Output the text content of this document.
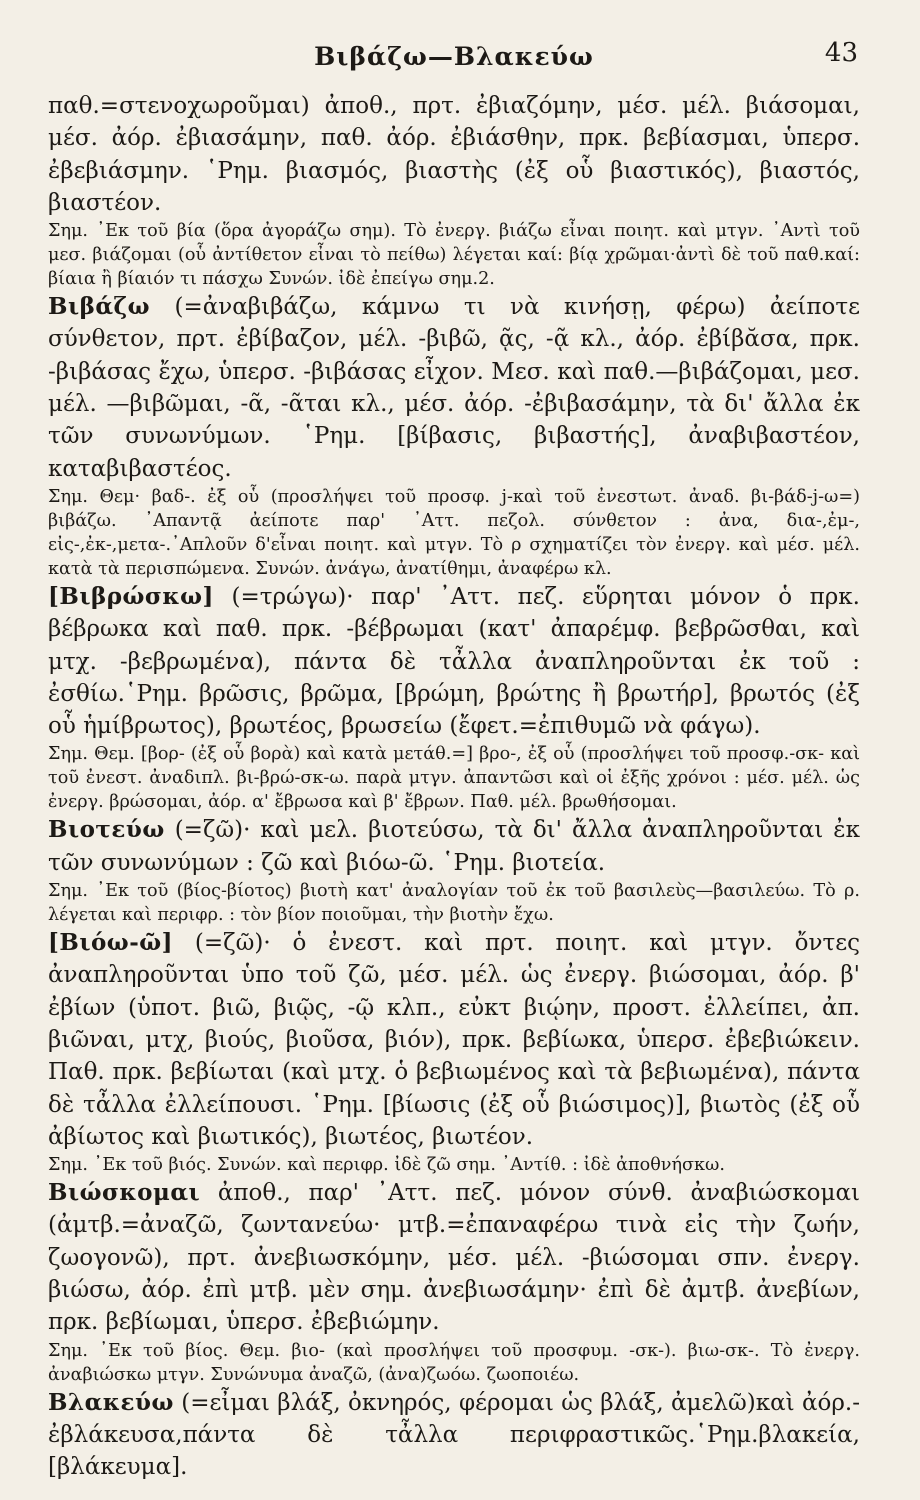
Βιβάζω—Βλακεύω	43

παθ.=στενοχωροῦμαι) ἀποθ., πρτ. ἐβιαζόμην, μέσ. μέλ. βιάσομαι, μέσ. ἀόρ. ἐβιασάμην, παθ. ἀόρ. ἐβιάσθην, πρκ. βεβίασμαι, ὑπερσ. ἐβεβιάσμην. ῾Ρημ. βιασμός, βιαστὴς (ἐξ οὗ βιαστικός), βιαστός, βιαστέον.

Σημ. ᾿Εκ τοῦ βία (ὅρα ἀγοράζω σημ). Τὸ ἐνεργ. βιάζω εἶναι ποιητ. καὶ μτγν. ᾿Αντὶ τοῦ μεσ. βιάζομαι (οὗ ἀντίθετον εἶναι τὸ πείθω) λέγεται καί: βίᾳ χρῶμαι·ἀντὶ δὲ τοῦ παθ.καί: βίαια ἢ βίαιόν τι πάσχω Συνών. ἰδὲ ἐπείγω σημ.2.

Βιβάζω (=ἀναβιβάζω, κάμνω τι νὰ κινήσῃ, φέρω) ἀείποτε σύνθετον, πρτ. ἐβίβαζον, μέλ. -βιβῶ, ᾷς, -ᾷ κλ., ἀόρ. ἐβίβᾰσα, πρκ. -βιβάσας ἔχω, ὑπερσ. -βιβάσας εἶχον. Μεσ. καὶ παθ.—βιβάζομαι, μεσ. μέλ. —βιβῶμαι, -ᾶ, -ᾶται κλ., μέσ. ἀόρ. -ἐβιβασάμην, τὰ δι' ἄλλα ἐκ τῶν συνωνύμων. ῾Ρημ. [βίβασις, βιβαστής], ἀναβιβαστέον, καταβιβαστέος.

Σημ. Θεμ· βαδ-. ἐξ οὗ (προσλήψει τοῦ προσφ. j-καὶ τοῦ ἐνεστωτ. ἀναδ. βι-βάδ-j-ω=) βιβάζω. ᾿Απαντᾷ ἀείποτε παρ' ᾿Αττ. πεζολ. σύνθετον : ἀνα, δια-,ἐμ-, εἰς-,ἐκ-,μετα-.᾿Απλοῦν δ'εἶναι ποιητ. καὶ μτγν. Τὸ ρ σχηματίζει τὸν ἐνεργ. καὶ μέσ. μέλ. κατὰ τὰ περισπώμενα. Συνών. ἀνάγω, ἀνατίθημι, ἀναφέρω κλ.

[Βιβρώσκω] (=τρώγω)· παρ' ᾿Αττ. πεζ. εὕρηται μόνον ὁ πρκ. βέβρωκα καὶ παθ. πρκ. -βέβρωμαι (κατ' ἀπαρέμφ. βεβρῶσθαι, καὶ μτχ. -βεβρωμένα), πάντα δὲ τἆλλα ἀναπληροῦνται ἐκ τοῦ : ἐσθίω.῾Ρημ. βρῶσις, βρῶμα, [βρώμη, βρώτης ἢ βρωτήρ], βρωτός (ἐξ οὗ ἡμίβρωτος), βρωτέος, βρωσείω (ἔφετ.=ἐπιθυμῶ νὰ φάγω).

Σημ. Θεμ. [βορ- (ἐξ οὗ βορὰ) καὶ κατὰ μετάθ.=] βρο-, ἐξ οὗ (προσλήψει τοῦ προσφ.-σκ- καὶ τοῦ ἐνεστ. ἀναδιπλ. βι-βρώ-σκ-ω. παρὰ μτγν. ἀπαντῶσι καὶ οἱ ἐξῆς χρόνοι : μέσ. μέλ. ὡς ἐνεργ. βρώσομαι, ἀόρ. α' ἔβρωσα καὶ β' ἔβρων. Παθ. μέλ. βρωθήσομαι.

Βιοτεύω (=ζῶ)· καὶ μελ. βιοτεύσω, τὰ δι' ἄλλα ἀναπληροῦνται ἐκ τῶν συνωνύμων : ζῶ καὶ βιόω-ῶ. ῾Ρημ. βιοτεία.

Σημ. ᾿Εκ τοῦ (βίος-βίοτος) βιοτὴ κατ' ἀναλογίαν τοῦ ἐκ τοῦ βασιλεὺς—βασιλεύω. Τὸ ρ. λέγεται καὶ περιφρ. : τὸν βίον ποιοῦμαι, τὴν βιοτὴν ἔχω.

[Βιόω-ῶ] (=ζῶ)· ὁ ἐνεστ. καὶ πρτ. ποιητ. καὶ μτγν. ὄντες ἀναπληροῦνται ὑπο τοῦ ζῶ, μέσ. μέλ. ὡς ἐνεργ. βιώσομαι, ἀόρ. β' ἐβίων (ὑποτ. βιῶ, βιῷς, -ῷ κλπ., εὐκτ βιῴην, προστ. ἐλλείπει, ἀπ. βιῶναι, μτχ, βιούς, βιοῦσα, βιόν), πρκ. βεβίωκα, ὑπερσ. ἐβεβιώκειν. Παθ. πρκ. βεβίωται (καὶ μτχ. ὁ βεβιωμένος καὶ τὰ βεβιωμένα), πάντα δὲ τἆλλα ἐλλείπουσι. ῾Ρημ. [βίωσις (ἐξ οὗ βιώσιμος)], βιωτὸς (ἐξ οὗ ἀβίωτος καὶ βιωτικός), βιωτέος, βιωτέον.

Σημ. ᾿Εκ τοῦ βιός. Συνών. καὶ περιφρ. ἰδὲ ζῶ σημ. ᾿Αντίθ. : ἰδὲ ἀποθνήσκω.

Βιώσκομαι ἀποθ., παρ' ᾿Αττ. πεζ. μόνον σύνθ. ἀναβιώσκομαι (ἀμτβ.=ἀναζῶ, ζωντανεύω· μτβ.=ἐπαναφέρω τινὰ εἰς τὴν ζωήν, ζωογονῶ), πρτ. ἀνεβιωσκόμην, μέσ. μέλ. -βιώσομαι σπν. ἐνεργ. βιώσω, ἀόρ. ἐπὶ μτβ. μὲν σημ. ἀνεβιωσάμην· ἐπὶ δὲ ἀμτβ. ἀνεβίων, πρκ. βεβίωμαι, ὑπερσ. ἐβεβιώμην.

Σημ. ᾿Εκ τοῦ βίος. Θεμ. βιο- (καὶ προσλήψει τοῦ προσφυμ. -σκ-). βιω-σκ-. Τὸ ἐνεργ. ἀναβιώσκω μτγν. Συνώνυμα ἀναζῶ, (ἀνα)ζωόω. ζωοποιέω.

Βλακεύω (=εἶμαι βλάξ, ὀκνηρός, φέρομαι ὡς βλάξ, ἀμελῶ)καὶ ἀόρ.-ἐβλάκευσα,πάντα δὲ τἆλλα περιφραστικῶς.῾Ρημ.βλακεία,[βλάκευμα].
